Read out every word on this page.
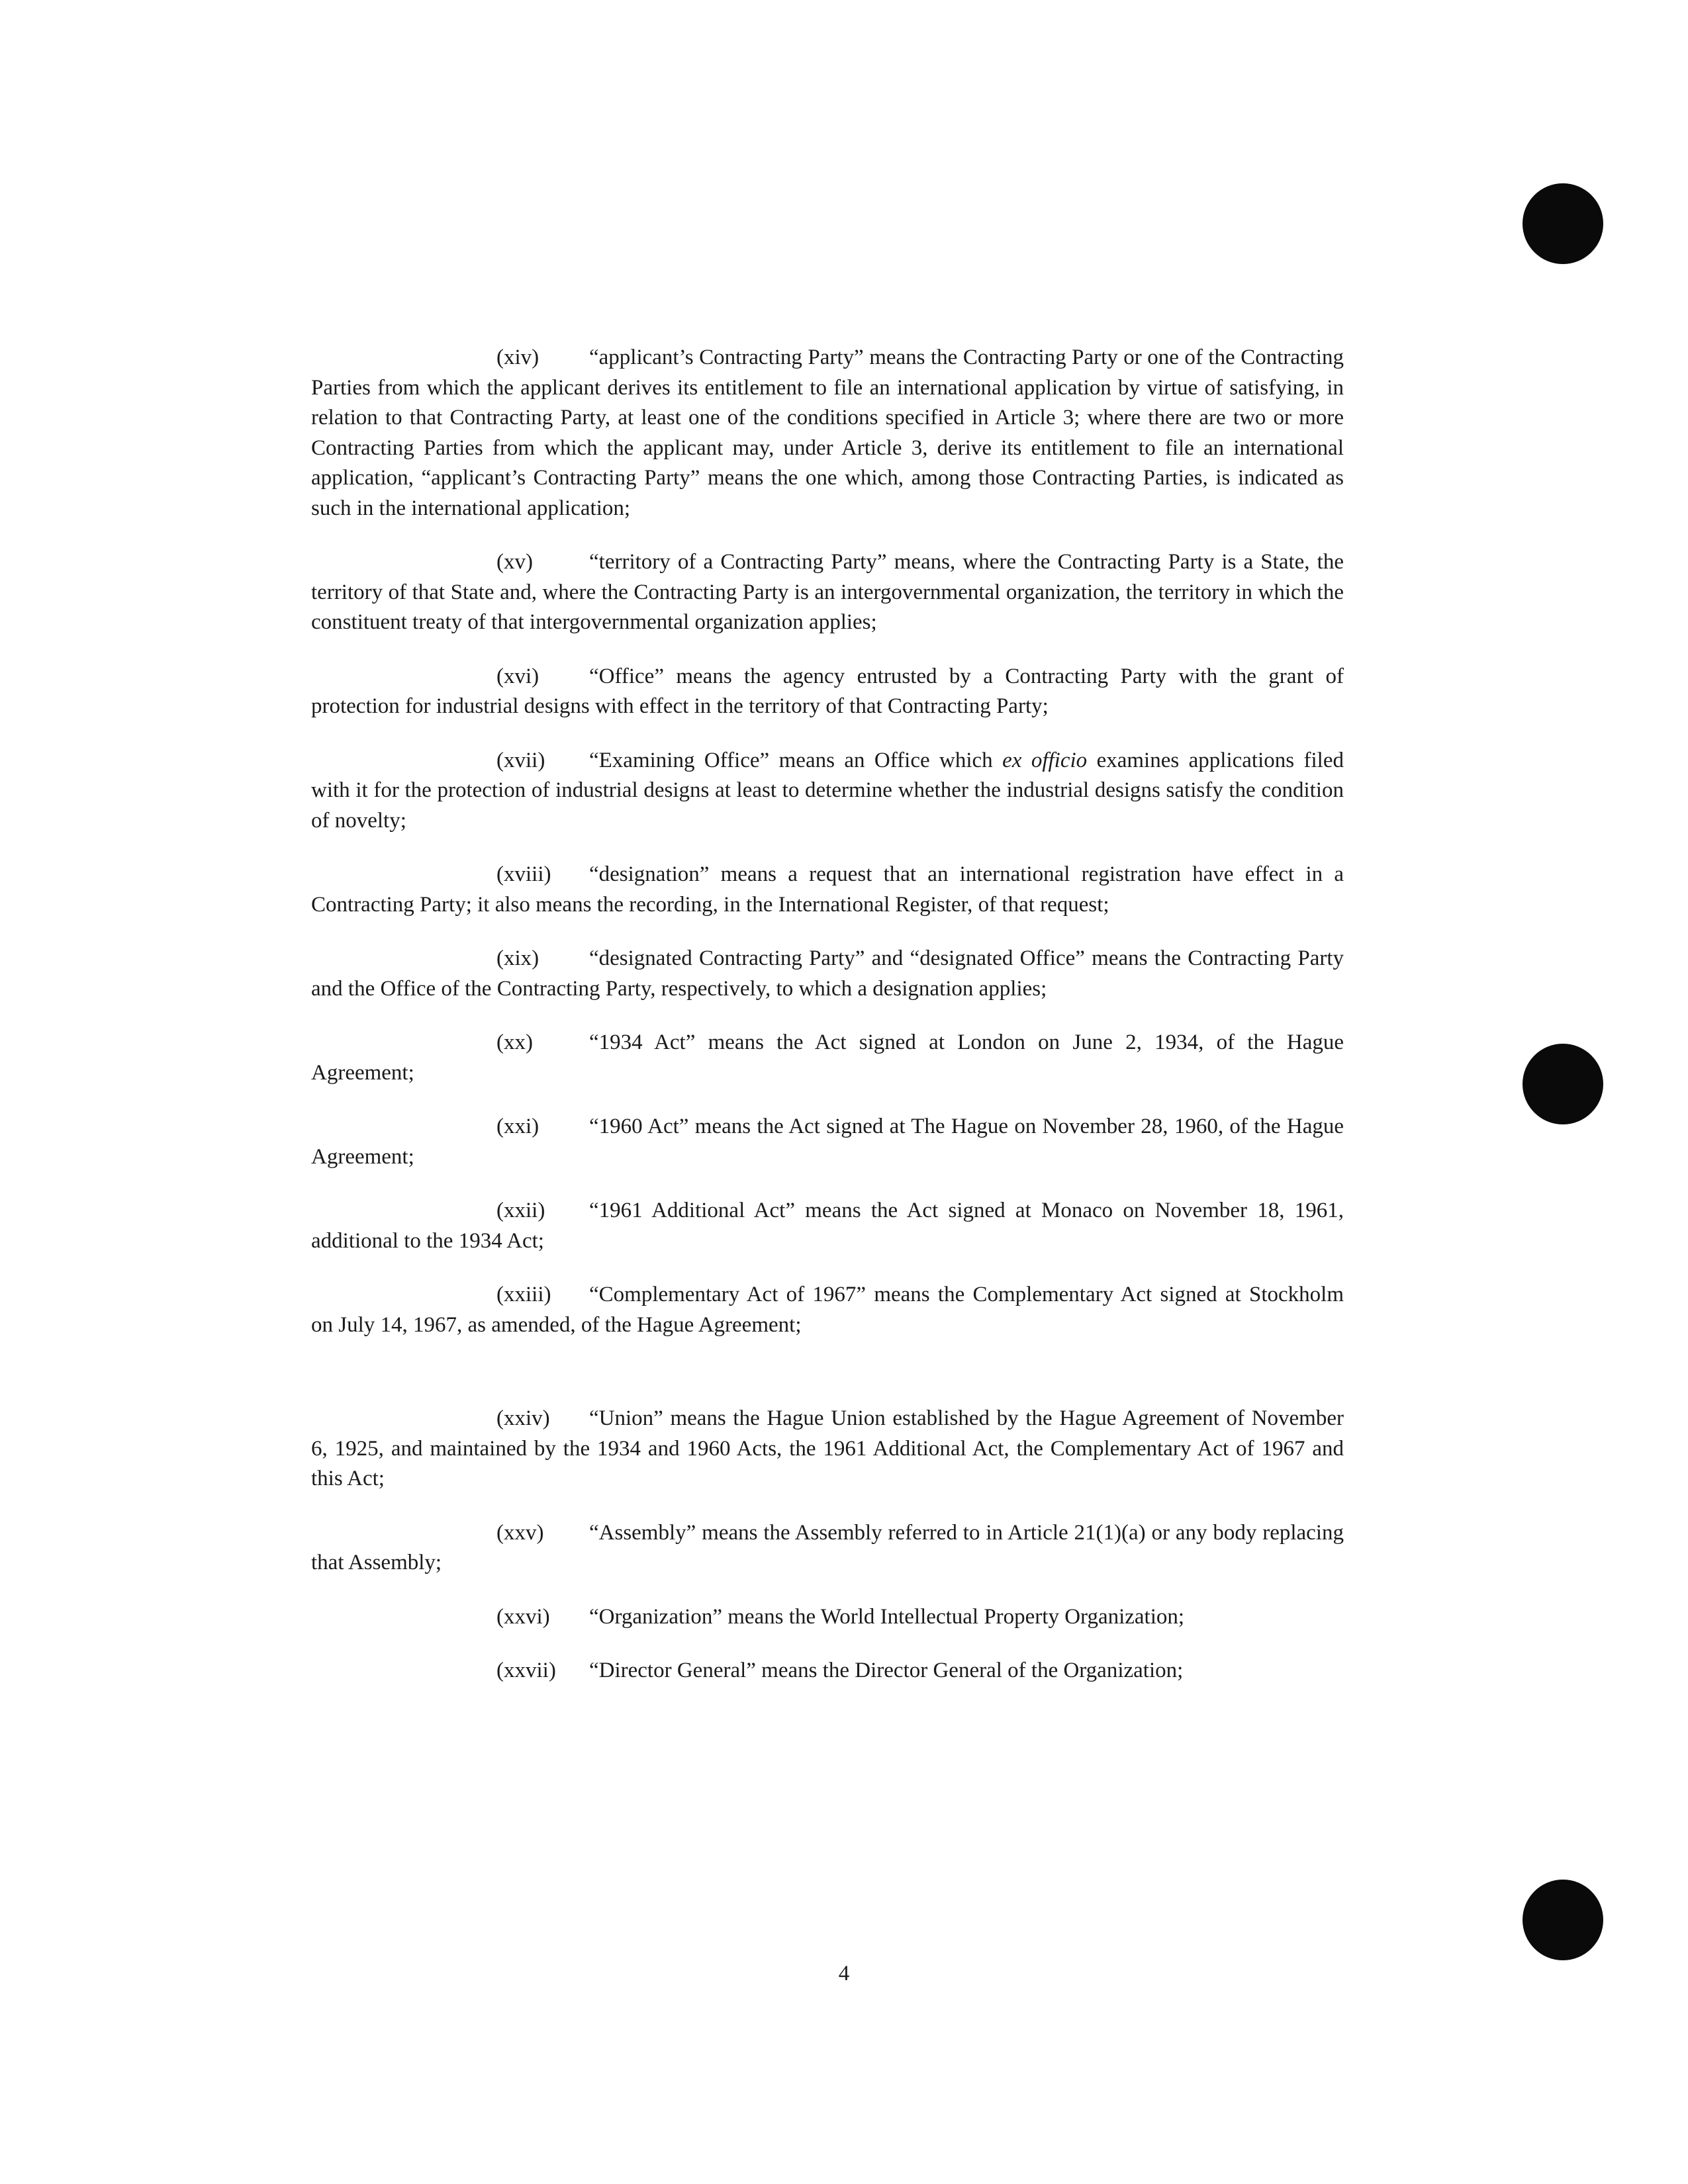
(xiv) “applicant’s Contracting Party” means the Contracting Party or one of the Contracting Parties from which the applicant derives its entitlement to file an international application by virtue of satisfying, in relation to that Contracting Party, at least one of the conditions specified in Article 3; where there are two or more Contracting Parties from which the applicant may, under Article 3, derive its entitlement to file an international application, “applicant’s Contracting Party” means the one which, among those Contracting Parties, is indicated as such in the international application;

(xv)	“territory of a Contracting Party” means, where the Contracting Party is a State, the territory of that State and, where the Contracting Party is an intergovernmental organization, the territory in which the constituent treaty of that intergovernmental organization applies;

(xvi) “Office” means the agency entrusted by a Contracting Party with the grant of protection for industrial designs with effect in the territory of that Contracting Party;

(xvii) “Examining Office” means an Office which ex officio examines applications filed with it for the protection of industrial designs at least to determine whether the industrial designs satisfy the condition of novelty;

(xviii) “designation” means a request that an international registration have effect in a Contracting Party; it also means the recording, in the International Register, of that request;

(xix) “designated Contracting Party” and “designated Office” means the Contracting Party and the Office of the Contracting Party, respectively, to which a designation applies;

(xx)	“1934 Act” means the Act signed at London on June 2, 1934, of the Hague Agreement;

(xxi) “1960 Act” means the Act signed at The Hague on November 28, 1960, of the Hague Agreement;

(xxii) “1961 Additional Act” means the Act signed at Monaco on November 18, 1961, additional to the 1934 Act;

(xxiii) “Complementary Act of 1967” means the Complementary Act signed at Stockholm on July 14, 1967, as amended, of the Hague Agreement;

(xxiv) “Union” means the Hague Union established by the Hague Agreement of November 6, 1925, and maintained by the 1934 and 1960 Acts, the 1961 Additional Act, the Complementary Act of 1967 and this Act;

(xxv) “Assembly” means the Assembly referred to in Article 21(1)(a) or any body replacing that Assembly;

(xxvi) “Organization” means the World Intellectual Property Organization;

(xxvii) “Director General” means the Director General of the Organization;

4
